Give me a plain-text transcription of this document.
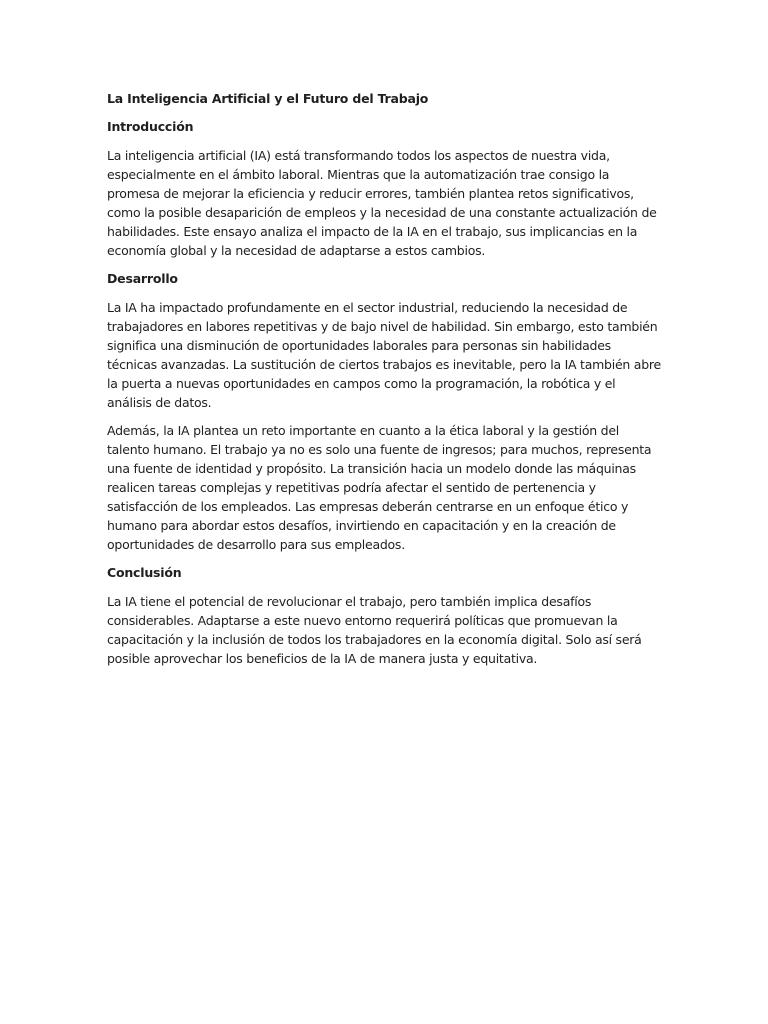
La Inteligencia Artificial y el Futuro del Trabajo
Introducción

La inteligencia artificial (IA) está transformando todos los aspectos de nuestra vida, especialmente en el ámbito laboral. Mientras que la automatización trae consigo la promesa de mejorar la eficiencia y reducir errores, también plantea retos significativos, como la posible desaparición de empleos y la necesidad de una constante actualización de habilidades. Este ensayo analiza el impacto de la IA en el trabajo, sus implicancias en la economía global y la necesidad de adaptarse a estos cambios.

Desarrollo

La IA ha impactado profundamente en el sector industrial, reduciendo la necesidad de trabajadores en labores repetitivas y de bajo nivel de habilidad. Sin embargo, esto también significa una disminución de oportunidades laborales para personas sin habilidades técnicas avanzadas. La sustitución de ciertos trabajos es inevitable, pero la IA también abre la puerta a nuevas oportunidades en campos como la programación, la robótica y el análisis de datos.

Además, la IA plantea un reto importante en cuanto a la ética laboral y la gestión del talento humano. El trabajo ya no es solo una fuente de ingresos; para muchos, representa una fuente de identidad y propósito. La transición hacia un modelo donde las máquinas realicen tareas complejas y repetitivas podría afectar el sentido de pertenencia y satisfacción de los empleados. Las empresas deberán centrarse en un enfoque ético y humano para abordar estos desafíos, invirtiendo en capacitación y en la creación de oportunidades de desarrollo para sus empleados.

Conclusión

La IA tiene el potencial de revolucionar el trabajo, pero también implica desafíos considerables. Adaptarse a este nuevo entorno requerirá políticas que promuevan la capacitación y la inclusión de todos los trabajadores en la economía digital. Solo así será posible aprovechar los beneficios de la IA de manera justa y equitativa.
